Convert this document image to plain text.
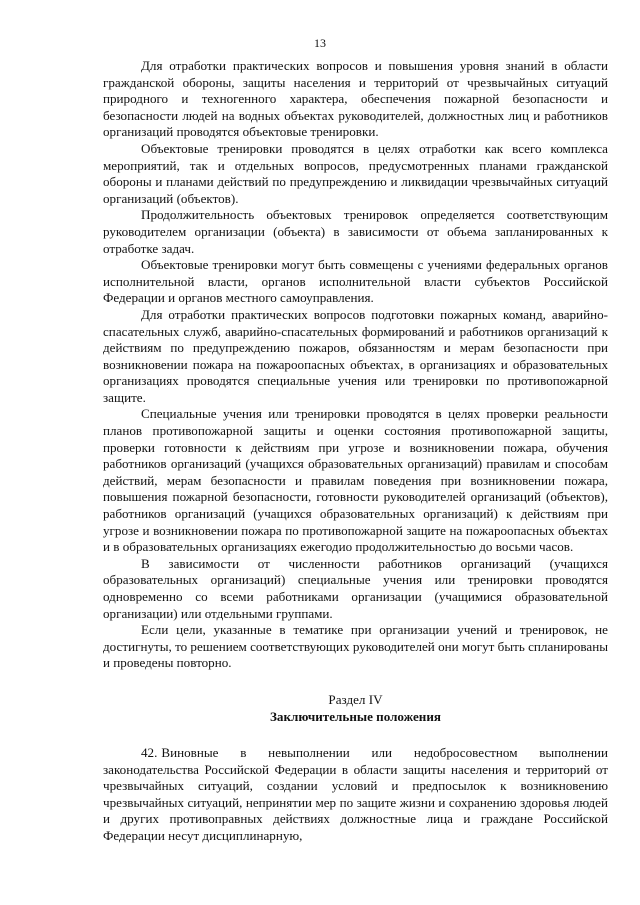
13

Для отработки практических вопросов и повышения уровня знаний в области гражданской обороны, защиты населения и территорий от чрезвычайных ситуаций природного и техногенного характера, обеспечения пожарной безопасности и безопасности людей на водных объектах руководителей, должностных лиц и работников организаций проводятся объектовые тренировки.

Объектовые тренировки проводятся в целях отработки как всего комплекса мероприятий, так и отдельных вопросов, предусмотренных планами гражданской обороны и планами действий по предупреждению и ликвидации чрезвычайных ситуаций организаций (объектов).

Продолжительность объектовых тренировок определяется соответствующим руководителем организации (объекта) в зависимости от объема запланированных к отработке задач.

Объектовые тренировки могут быть совмещены с учениями федеральных органов исполнительной власти, органов исполнительной власти субъектов Российской Федерации и органов местного самоуправления.

Для отработки практических вопросов подготовки пожарных команд, аварийно-спасательных служб, аварийно-спасательных формирований и работников организаций к действиям по предупреждению пожаров, обязанностям и мерам безопасности при возникновении пожара на пожароопасных объектах, в организациях и образовательных организациях проводятся специальные учения или тренировки по противопожарной защите.

Специальные учения или тренировки проводятся в целях проверки реальности планов противопожарной защиты и оценки состояния противопожарной защиты, проверки готовности к действиям при угрозе и возникновении пожара, обучения работников организаций (учащихся образовательных организаций) правилам и способам действий, мерам безопасности и правилам поведения при возникновении пожара, повышения пожарной безопасности, готовности руководителей организаций (объектов), работников организаций (учащихся образовательных организаций) к действиям при угрозе и возникновении пожара по противопожарной защите на пожароопасных объектах и в образовательных организациях ежегодио продолжительностью до восьми часов.

В зависимости от численности работников организаций (учащихся образовательных организаций) специальные учения или тренировки проводятся одновременно со всеми работниками организации (учащимися образовательной организации) или отдельными группами.

Если цели, указанные в тематике при организации учений и тренировок, не достигнуты, то решением соответствующих руководителей они могут быть спланированы и проведены повторно.

Раздел IV
Заключительные положения

42. Виновные в невыполнении или недобросовестном выполнении законодательства Российской Федерации в области защиты населения и территорий от чрезвычайных ситуаций, создании условий и предпосылок к возникновению чрезвычайных ситуаций, непринятии мер по защите жизни и сохранению здоровья людей и других противоправных действиях должностные лица и граждане Российской Федерации несут дисциплинарную,
